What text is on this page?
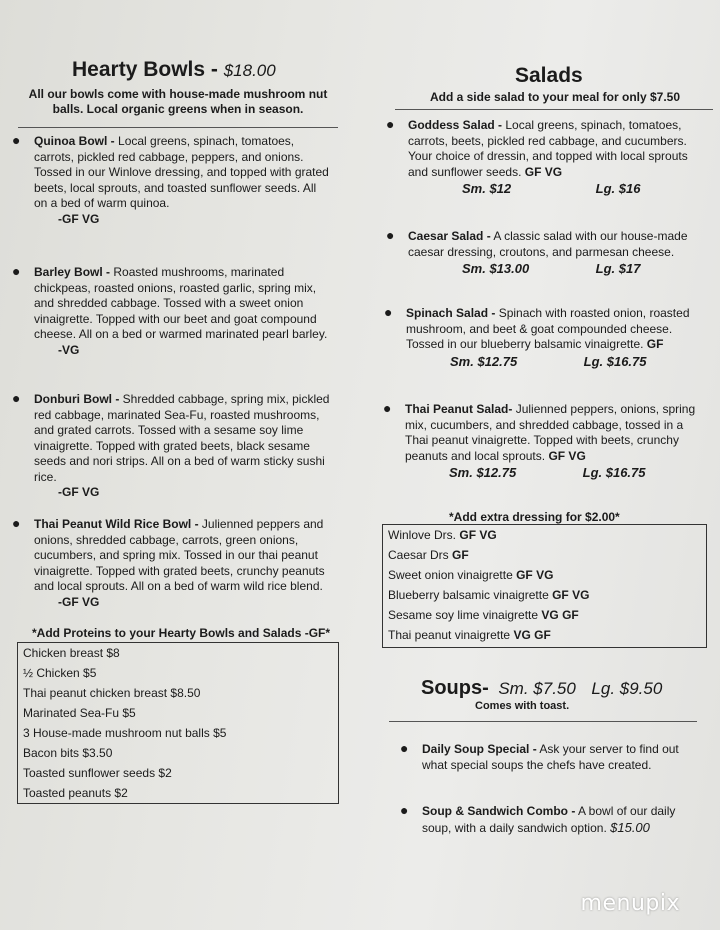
Hearty Bowls - $18.00
All our bowls come with house-made mushroom nut
balls. Local organic greens when in season.
● Quinoa Bowl - Local greens, spinach, tomatoes,
carrots, pickled red cabbage, peppers, and onions.
Tossed in our Winlove dressing, and topped with grated
beets, local sprouts, and toasted sunflower seeds. All
on a bed of warm quinoa.
-GF VG
● Barley Bowl - Roasted mushrooms, marinated
chickpeas, roasted onions, roasted garlic, spring mix,
and shredded cabbage. Tossed with a sweet onion
vinaigrette. Topped with our beet and goat compound
cheese. All on a bed or warmed marinated pearl barley.
-VG
● Donburi Bowl - Shredded cabbage, spring mix, pickled
red cabbage, marinated Sea-Fu, roasted mushrooms,
and grated carrots. Tossed with a sesame soy lime
vinaigrette. Topped with grated beets, black sesame
seeds and nori strips. All on a bed of warm sticky sushi
rice.
-GF VG
● Thai Peanut Wild Rice Bowl - Julienned peppers and
onions, shredded cabbage, carrots, green onions,
cucumbers, and spring mix. Tossed in our thai peanut
vinaigrette. Topped with grated beets, crunchy peanuts
and local sprouts. All on a bed of warm wild rice blend.
-GF VG
*Add Proteins to your Hearty Bowls and Salads -GF*
Chicken breast $8
½ Chicken $5
Thai peanut chicken breast $8.50
Marinated Sea-Fu $5
3 House-made mushroom nut balls $5
Bacon bits $3.50
Toasted sunflower seeds $2
Toasted peanuts $2
Salads
Add a side salad to your meal for only $7.50
● Goddess Salad - Local greens, spinach, tomatoes,
carrots, beets, pickled red cabbage, and cucumbers.
Your choice of dressin, and topped with local sprouts
and sunflower seeds. GF VG
Sm. $12	Lg. $16
● Caesar Salad - A classic salad with our house-made
caesar dressing, croutons, and parmesan cheese.
Sm. $13.00	Lg. $17
● Spinach Salad - Spinach with roasted onion, roasted
mushroom, and beet & goat compounded cheese.
Tossed in our blueberry balsamic vinaigrette. GF
Sm. $12.75	Lg. $16.75
● Thai Peanut Salad- Julienned peppers, onions, spring
mix, cucumbers, and shredded cabbage, tossed in a
Thai peanut vinaigrette. Topped with beets, crunchy
peanuts and local sprouts. GF VG
Sm. $12.75	Lg. $16.75
*Add extra dressing for $2.00*
Winlove Drs. GF VG
Caesar Drs GF
Sweet onion vinaigrette GF VG
Blueberry balsamic vinaigrette GF VG
Sesame soy lime vinaigrette VG GF
Thai peanut vinaigrette VG GF
Soups- Sm. $7.50 Lg. $9.50
Comes with toast.
● Daily Soup Special - Ask your server to find out
what special soups the chefs have created.
● Soup & Sandwich Combo - A bowl of our daily
soup, with a daily sandwich option. $15.00
menupix
